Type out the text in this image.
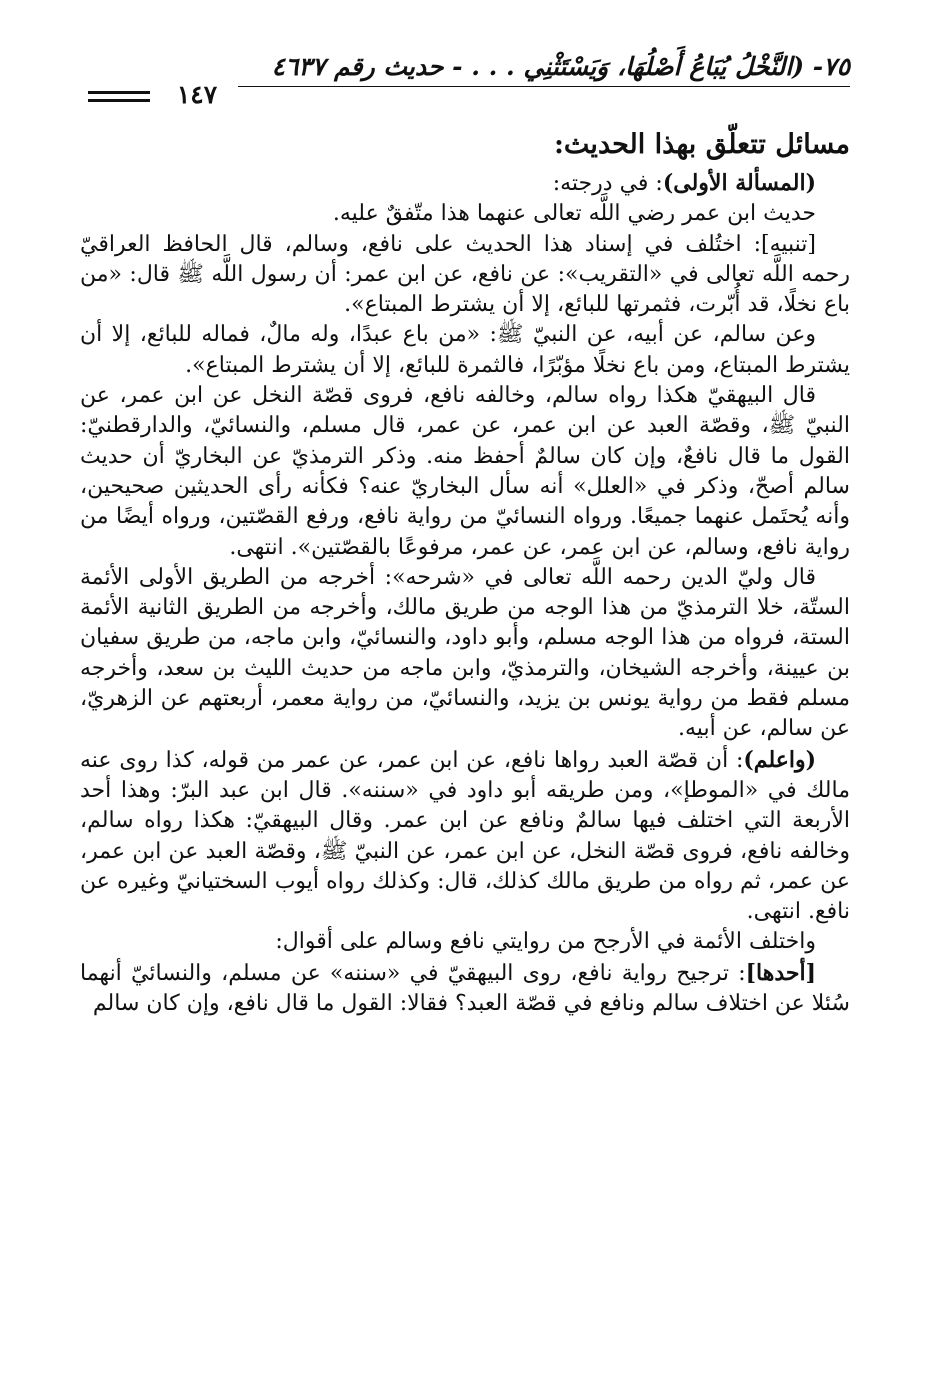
٧٥- (النَّخْلُ يُبَاعُ أَصْلُهَا، وَيَسْتَثْنِي . . . - حديث رقم ٤٦٣٧
١٤٧

مسائل تتعلّق بهذا الحديث:

(المسألة الأولى): في درجته:

حديث ابن عمر رضي اللَّه تعالى عنهما هذا متّفقٌ عليه.

[تنبيه]: اختُلف في إسناد هذا الحديث على نافع، وسالم، قال الحافظ العراقيّ رحمه اللَّه تعالى في «التقريب»: عن نافع، عن ابن عمر: أن رسول اللَّه ﷺ قال: «من باع نخلًا، قد أُبّرت، فثمرتها للبائع، إلا أن يشترط المبتاع».

وعن سالم، عن أبيه، عن النبيّ ﷺ: «من باع عبدًا، وله مالٌ، فماله للبائع، إلا أن يشترط المبتاع، ومن باع نخلًا مؤبّرًا، فالثمرة للبائع، إلا أن يشترط المبتاع».

قال البيهقيّ هكذا رواه سالم، وخالفه نافع، فروى قصّة النخل عن ابن عمر، عن النبيّ ﷺ، وقصّة العبد عن ابن عمر، عن عمر، قال مسلم، والنسائيّ، والدارقطنيّ: القول ما قال نافعٌ، وإن كان سالمٌ أحفظ منه. وذكر الترمذيّ عن البخاريّ أن حديث سالم أصحّ، وذكر في «العلل» أنه سأل البخاريّ عنه؟ فكأنه رأى الحديثين صحيحين، وأنه يُحتَمل عنهما جميعًا. ورواه النسائيّ من رواية نافع، ورفع القصّتين، ورواه أيضًا من رواية نافع، وسالم، عن ابن عمر، عن عمر، مرفوعًا بالقصّتين». انتهى.

قال وليّ الدين رحمه اللَّه تعالى في «شرحه»: أخرجه من الطريق الأولى الأئمة الستّة، خلا الترمذيّ من هذا الوجه من طريق مالك، وأخرجه من الطريق الثانية الأئمة الستة، فرواه من هذا الوجه مسلم، وأبو داود، والنسائيّ، وابن ماجه، من طريق سفيان بن عيينة، وأخرجه الشيخان، والترمذيّ، وابن ماجه من حديث الليث بن سعد، وأخرجه مسلم فقط من رواية يونس بن يزيد، والنسائيّ، من رواية معمر، أربعتهم عن الزهريّ، عن سالم، عن أبيه.

(واعلم): أن قصّة العبد رواها نافع، عن ابن عمر، عن عمر من قوله، كذا روى عنه مالك في «الموطإ»، ومن طريقه أبو داود في «سننه». قال ابن عبد البرّ: وهذا أحد الأربعة التي اختلف فيها سالمٌ ونافع عن ابن عمر. وقال البيهقيّ: هكذا رواه سالم، وخالفه نافع، فروى قصّة النخل، عن ابن عمر، عن النبيّ ﷺ، وقصّة العبد عن ابن عمر، عن عمر، ثم رواه من طريق مالك كذلك، قال: وكذلك رواه أيوب السختيانيّ وغيره عن نافع. انتهى.

واختلف الأئمة في الأرجح من روايتي نافع وسالم على أقوال:

[أحدها]: ترجيح رواية نافع، روى البيهقيّ في «سننه» عن مسلم، والنسائيّ أنهما سُئلا عن اختلاف سالم ونافع في قصّة العبد؟ فقالا: القول ما قال نافع، وإن كان سالم
